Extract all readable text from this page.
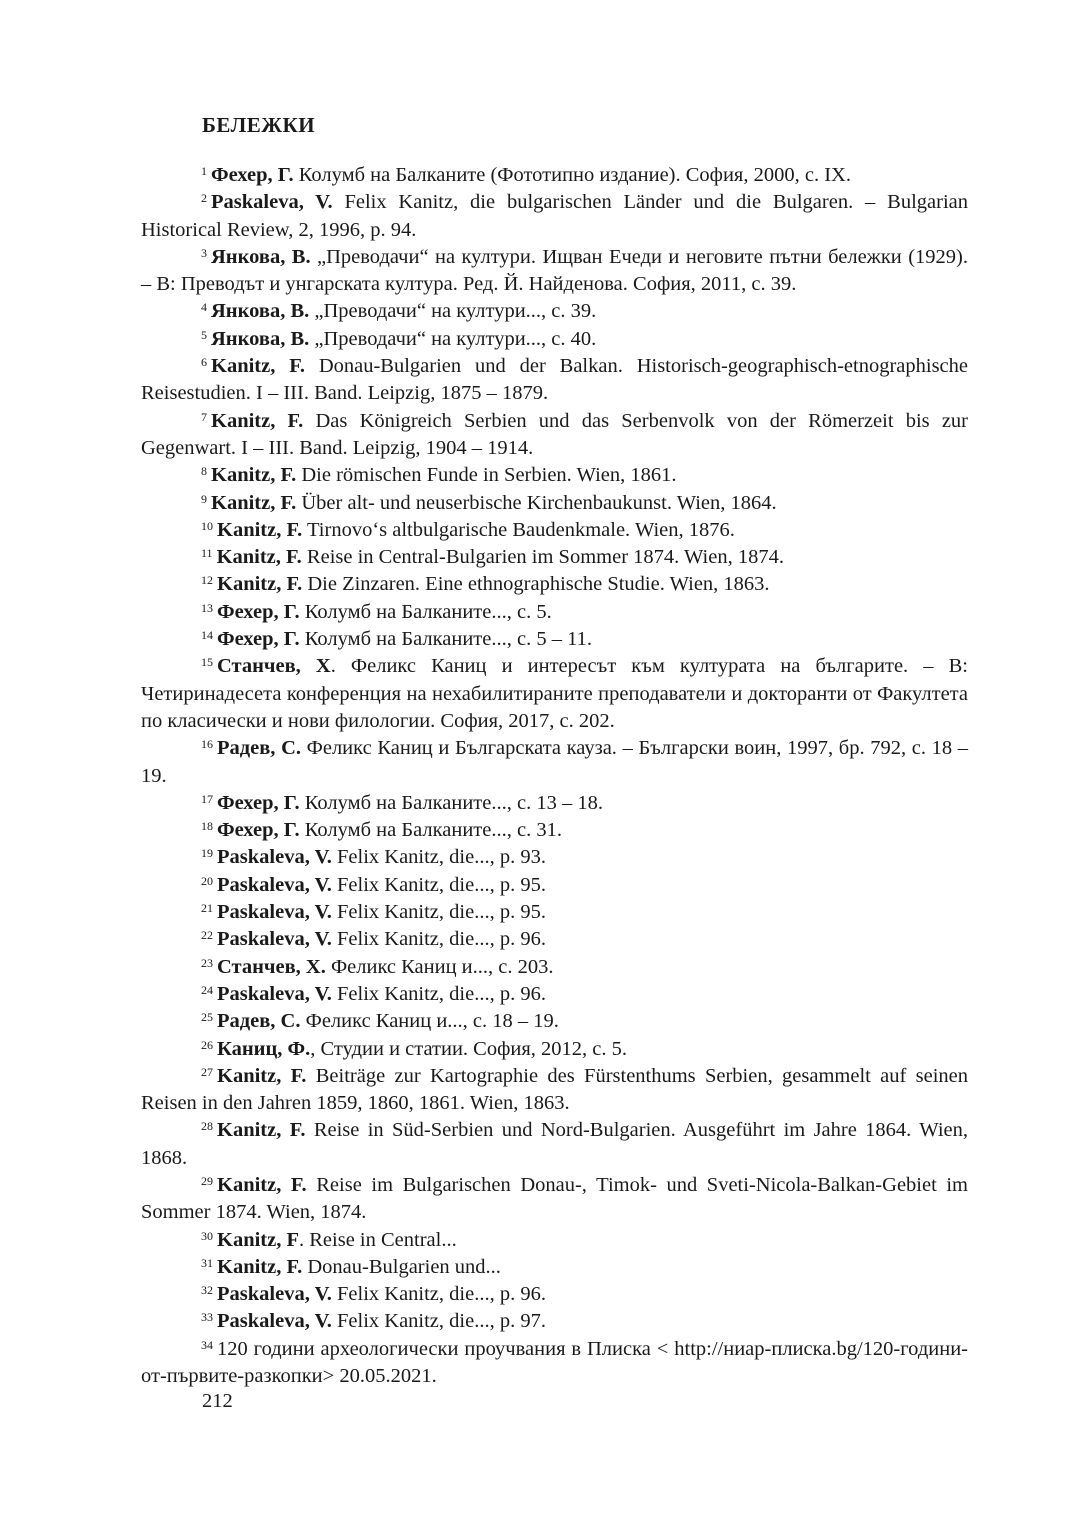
БЕЛЕЖКИ

$^1$ Фехер, Г. Колумб на Балканите (Фототипно издание). София, 2000, с. IX.

$^2$ Paskaleva, V. Felix Kanitz, die bulgarischen Länder und die Bulgaren. – Bulgarian Historical Review, 2, 1996, p. 94.

$^3$ Янкова, В. „Преводачи“ на култури. Ищван Ечеди и неговите пътни бележки (1929). – В: Преводът и унгарската култура. Ред. Й. Найденова. София, 2011, с. 39.

$^4$ Янкова, В. „Преводачи“ на култури..., с. 39.

$^5$ Янкова, В. „Преводачи“ на култури..., с. 40.

$^6$ Kanitz, F. Donau-Bulgarien und der Balkan. Historisch-geographisch-etnographische Reisestudien. I – III. Band. Leipzig, 1875 – 1879.

$^7$ Kanitz, F. Das Königreich Serbien und das Serbenvolk von der Römerzeit bis zur Gegenwart. I – III. Band. Leipzig, 1904 – 1914.

$^8$ Kanitz, F. Die römischen Funde in Serbien. Wien, 1861.

$^9$ Kanitz, F. Über alt- und neuserbische Kirchenbaukunst. Wien, 1864.

$^{10}$ Kanitz, F. Tirnovo‘s altbulgarische Baudenkmale. Wien, 1876.

$^{11}$ Kanitz, F. Reise in Central-Bulgarien im Sommer 1874. Wien, 1874.

$^{12}$ Kanitz, F. Die Zinzaren. Eine ethnographische Studie. Wien, 1863.

$^{13}$ Фехер, Г. Колумб на Балканите..., с. 5.

$^{14}$ Фехер, Г. Колумб на Балканите..., с. 5 – 11.

$^{15}$ Станчев, Х. Феликс Каниц и интересът към културата на българите. – В: Четиринадесета конференция на нехабилитираните преподаватели и докторанти от Факултета по класически и нови филологии. София, 2017, с. 202.

$^{16}$ Радев, С. Феликс Каниц и Българската кауза. – Български воин, 1997, бр. 792, с. 18 – 19.

$^{17}$ Фехер, Г. Колумб на Балканите..., с. 13 – 18.

$^{18}$ Фехер, Г. Колумб на Балканите..., с. 31.

$^{19}$ Paskaleva, V. Felix Kanitz, die..., p. 93.

$^{20}$ Paskaleva, V. Felix Kanitz, die..., p. 95.

$^{21}$ Paskaleva, V. Felix Kanitz, die..., p. 95.

$^{22}$ Paskaleva, V. Felix Kanitz, die..., p. 96.

$^{23}$ Станчев, Х. Феликс Каниц и..., с. 203.

$^{24}$ Paskaleva, V. Felix Kanitz, die..., p. 96.

$^{25}$ Радев, С. Феликс Каниц и..., с. 18 – 19.

$^{26}$ Каниц, Ф., Студии и статии. София, 2012, с. 5.

$^{27}$ Kanitz, F. Beiträge zur Kartographie des Fürstenthums Serbien, gesammelt auf seinen Reisen in den Jahren 1859, 1860, 1861. Wien, 1863.

$^{28}$ Kanitz, F. Reise in Süd-Serbien und Nord-Bulgarien. Ausgeführt im Jahre 1864. Wien, 1868.

$^{29}$ Kanitz, F. Reise im Bulgarischen Donau-, Timok- und Sveti-Nicola-Balkan-Gebiet im Sommer 1874. Wien, 1874.

$^{30}$ Kanitz, F. Reise in Central...

$^{31}$ Kanitz, F. Donau-Bulgarien und...

$^{32}$ Paskaleva, V. Felix Kanitz, die..., p. 96.

$^{33}$ Paskaleva, V. Felix Kanitz, die..., p. 97.

$^{34}$ 120 години археологически проучвания в Плиска < http://ниар-плиска.bg/120-години-от-първите-разкопки> 20.05.2021.

212
